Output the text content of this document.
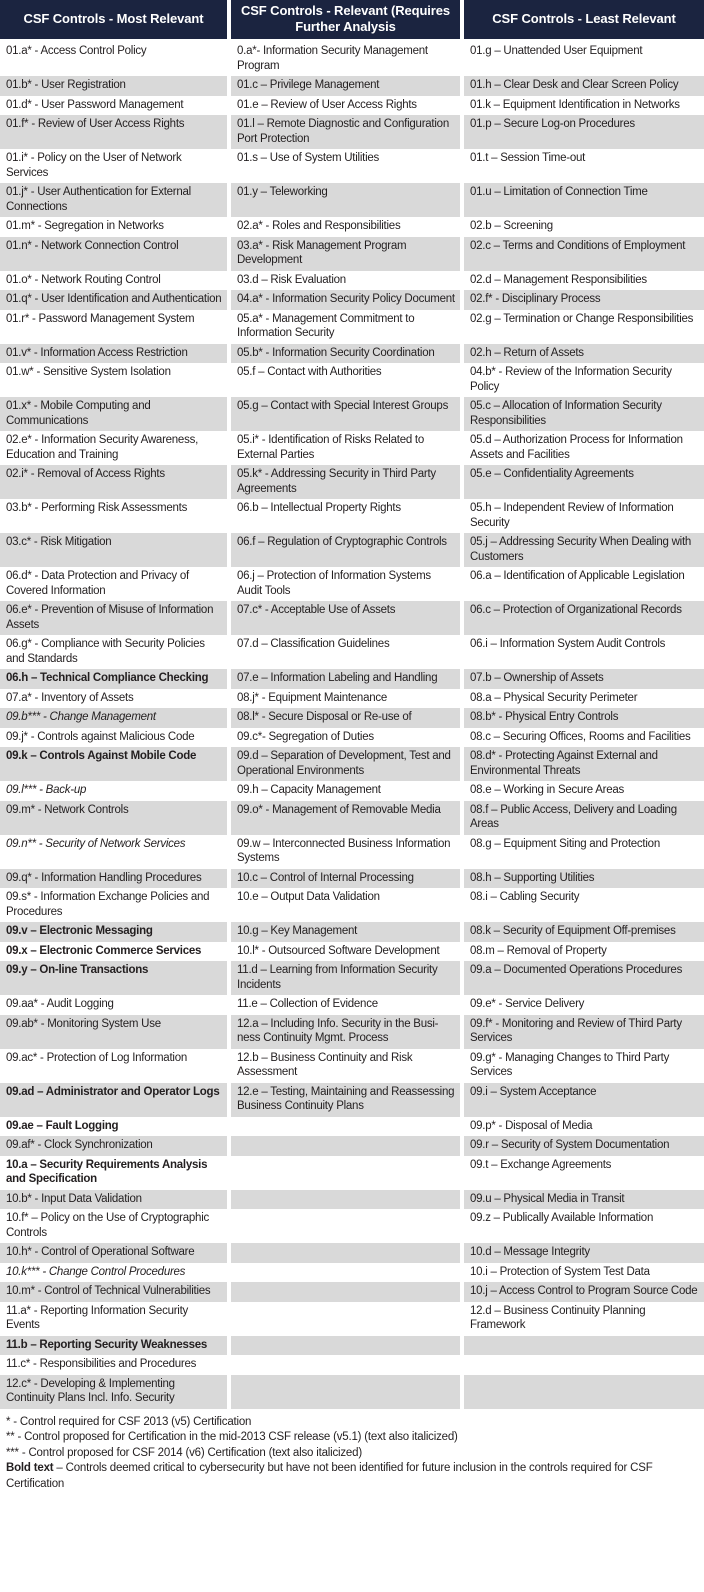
CSF Controls - Most Relevant	CSF Controls - Relevant (Requires Further Analysis	CSF Controls - Least Relevant
01.a* - Access Control Policy	0.a*- Information Security Management Program	01.g – Unattended User Equipment
01.b* - User Registration	01.c – Privilege Management	01.h – Clear Desk and Clear Screen Policy
01.d* - User Password Management	01.e – Review of User Access Rights	01.k – Equipment Identification in Networks
01.f* - Review of User Access Rights	01.l – Remote Diagnostic and Configuration Port Protection	01.p – Secure Log-on Procedures
01.i* - Policy on the User of Network Services	01.s – Use of System Utilities	01.t – Session Time-out
01.j* - User Authentication for External Connections	01.y – Teleworking	01.u – Limitation of Connection Time
01.m* - Segregation in Networks	02.a* - Roles and Responsibilities	02.b – Screening
01.n* - Network Connection Control	03.a* - Risk Management Program Development	02.c – Terms and Conditions of Employment
01.o* - Network Routing Control	03.d – Risk Evaluation	02.d – Management Responsibilities
01.q* - User Identification and Authentication	04.a* - Information Security Policy Document	02.f* - Disciplinary Process
01.r* - Password Management System	05.a* - Management Commitment to Information Security	02.g – Termination or Change Responsibilities
01.v* - Information Access Restriction	05.b* - Information Security Coordination	02.h – Return of Assets
01.w* - Sensitive System Isolation	05.f – Contact with Authorities	04.b* - Review of the Information Security Policy
01.x* - Mobile Computing and Communications	05.g – Contact with Special Interest Groups	05.c – Allocation of Information Security Responsibilities
02.e* - Information Security Awareness, Education and Training	05.i* - Identification of Risks Related to External Parties	05.d – Authorization Process for Information Assets and Facilities
02.i* - Removal of Access Rights	05.k* - Addressing Security in Third Party Agreements	05.e – Confidentiality Agreements
03.b* - Performing Risk Assessments	06.b – Intellectual Property Rights	05.h – Independent Review of Information Security
03.c* - Risk Mitigation	06.f – Regulation of Cryptographic Controls	05.j – Addressing Security When Dealing with Customers
06.d* - Data Protection and Privacy of Covered Information	06.j – Protection of Information Systems Audit Tools	06.a – Identification of Applicable Legislation
06.e* - Prevention of Misuse of Information Assets	07.c* - Acceptable Use of Assets	06.c – Protection of Organizational Records
06.g* - Compliance with Security Policies and Standards	07.d – Classification Guidelines	06.i – Information System Audit Controls
06.h – Technical Compliance Checking	07.e – Information Labeling and Handling	07.b – Ownership of Assets
07.a* - Inventory of Assets	08.j* - Equipment Maintenance	08.a – Physical Security Perimeter
09.b*** - Change Management	08.l* - Secure Disposal or Re-use of	08.b* - Physical Entry Controls
09.j* - Controls against Malicious Code	09.c*- Segregation of Duties	08.c – Securing Offices, Rooms and Facilities
09.k – Controls Against Mobile Code	09.d – Separation of Development, Test and Operational Environments	08.d* - Protecting Against External and Environmental Threats
09.l*** - Back-up	09.h – Capacity Management	08.e – Working in Secure Areas
09.m* - Network Controls	09.o* - Management of Removable Media	08.f – Public Access, Delivery and Loading Areas
09.n** - Security of Network Services	09.w – Interconnected Business Information Systems	08.g – Equipment Siting and Protection
09.q* - Information Handling Procedures	10.c – Control of Internal Processing	08.h – Supporting Utilities
09.s* - Information Exchange Policies and Procedures	10.e – Output Data Validation	08.i – Cabling Security
09.v – Electronic Messaging	10.g – Key Management	08.k – Security of Equipment Off-premises
09.x – Electronic Commerce Services	10.l* - Outsourced Software Development	08.m – Removal of Property
09.y – On-line Transactions	11.d – Learning from Information Security Incidents	09.a – Documented Operations Procedures
09.aa* - Audit Logging	11.e – Collection of Evidence	09.e* - Service Delivery
09.ab* - Monitoring System Use	12.a – Including Info. Security in the Busi-ness Continuity Mgmt. Process	09.f* - Monitoring and Review of Third Party Services
09.ac* - Protection of Log Information	12.b – Business Continuity and Risk Assessment	09.g* - Managing Changes to Third Party Services
09.ad – Administrator and Operator Logs	12.e – Testing, Maintaining and Reassessing Business Continuity Plans	09.i – System Acceptance
09.ae – Fault Logging		09.p* - Disposal of Media
09.af* - Clock Synchronization		09.r – Security of System Documentation
10.a – Security Requirements Analysis and Specification		09.t – Exchange Agreements
10.b* - Input Data Validation		09.u – Physical Media in Transit
10.f* – Policy on the Use of Cryptographic Controls		09.z – Publically Available Information
10.h* - Control of Operational Software		10.d – Message Integrity
10.k*** - Change Control Procedures		10.i – Protection of System Test Data
10.m* - Control of Technical Vulnerabilities		10.j – Access Control to Program Source Code
11.a* - Reporting Information Security Events		12.d – Business Continuity Planning Framework
11.b – Reporting Security Weaknesses		
11.c* - Responsibilities and Procedures		
12.c* - Developing & Implementing Continuity Plans Incl. Info. Security		
* - Control required for CSF 2013 (v5) Certification
** - Control proposed for Certification in the mid-2013 CSF release (v5.1) (text also italicized)
*** - Control proposed for CSF 2014 (v6) Certification (text also italicized)
Bold text – Controls deemed critical to cybersecurity but have not been identified for future inclusion in the controls required for CSF Certification
